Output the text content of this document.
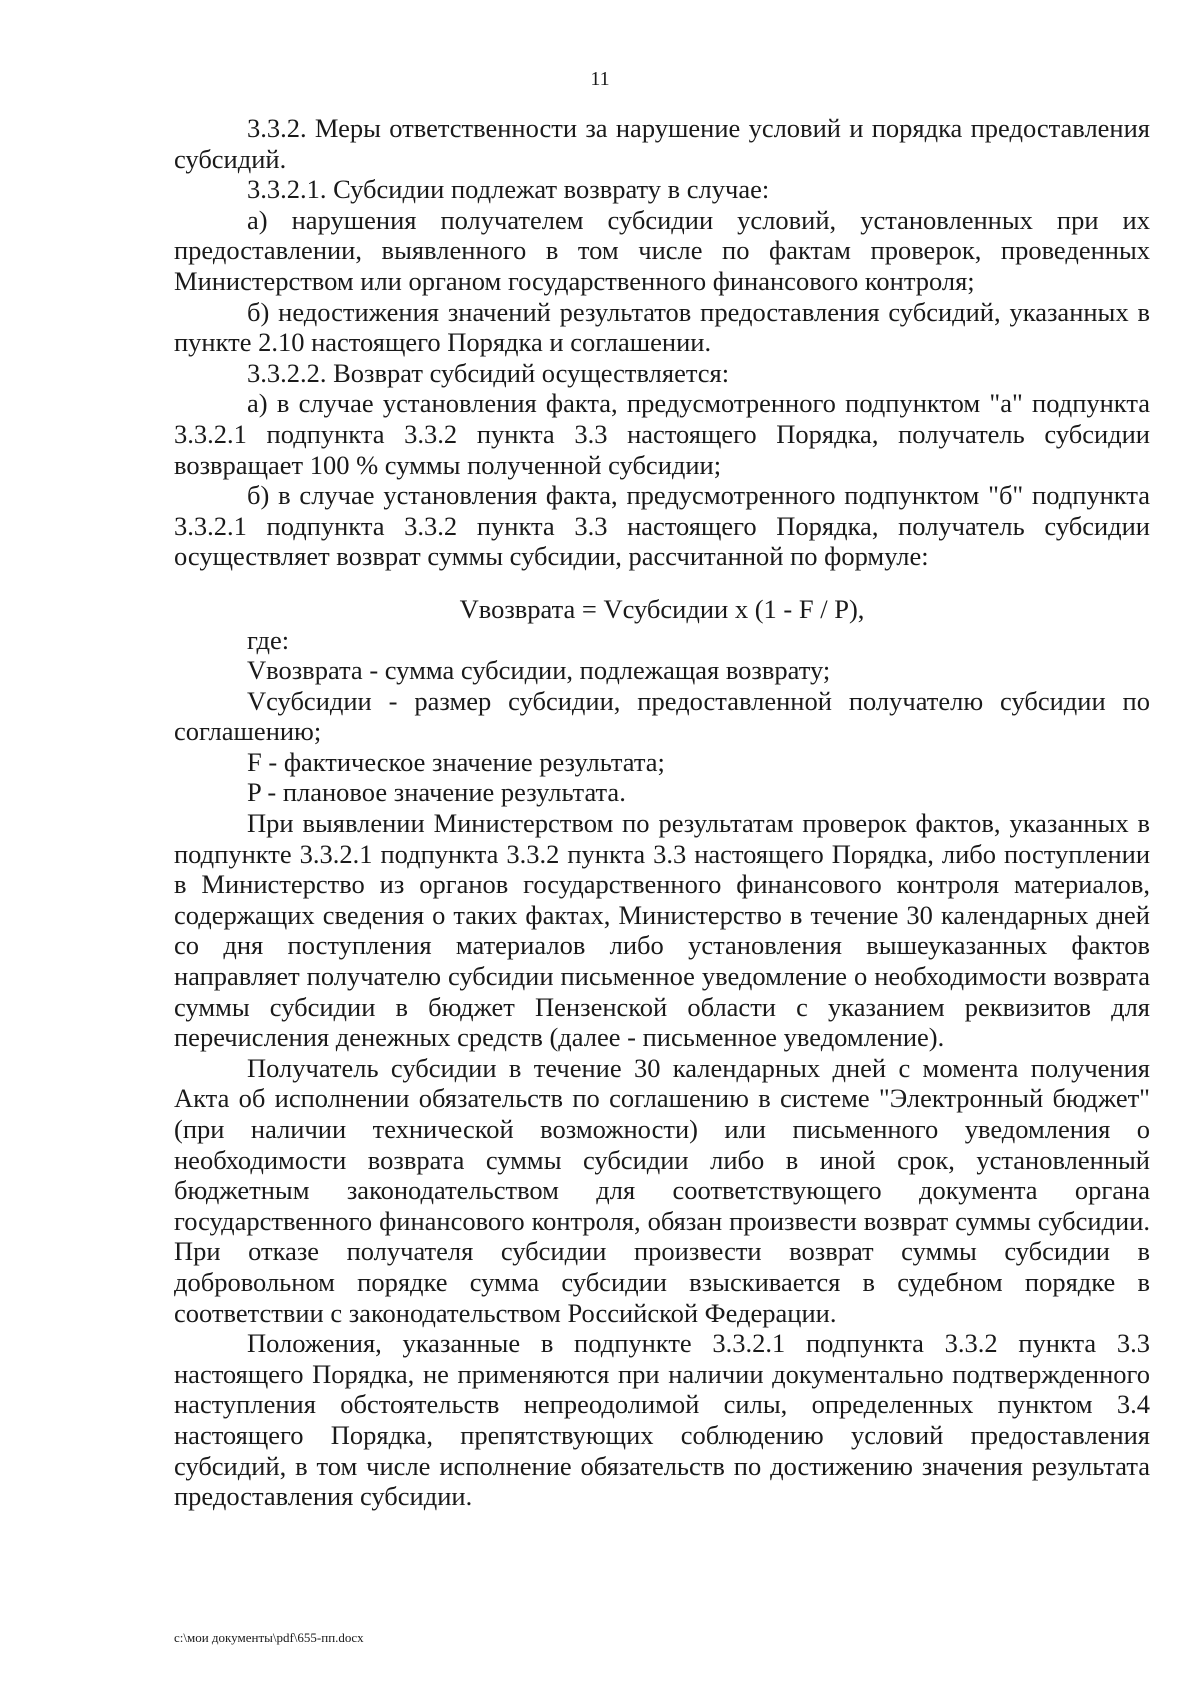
11

3.3.2. Меры ответственности за нарушение условий и порядка предоставления субсидий.

3.3.2.1. Субсидии подлежат возврату в случае:

а) нарушения получателем субсидии условий, установленных при их предоставлении, выявленного в том числе по фактам проверок, проведенных Министерством или органом государственного финансового контроля;

б) недостижения значений результатов предоставления субсидий, указанных в пункте 2.10 настоящего Порядка и соглашении.

3.3.2.2. Возврат субсидий осуществляется:

а) в случае установления факта, предусмотренного подпунктом "а" подпункта 3.3.2.1 подпункта 3.3.2 пункта 3.3 настоящего Порядка, получатель субсидии возвращает 100 % суммы полученной субсидии;

б) в случае установления факта, предусмотренного подпунктом "б" подпункта 3.3.2.1 подпункта 3.3.2 пункта 3.3 настоящего Порядка, получатель субсидии осуществляет возврат суммы субсидии, рассчитанной по формуле:

Vвозврата = Vсубсидии x (1 - F / P),

где:

Vвозврата - сумма субсидии, подлежащая возврату;

Vсубсидии - размер субсидии, предоставленной получателю субсидии по соглашению;

F - фактическое значение результата;

P - плановое значение результата.

При выявлении Министерством по результатам проверок фактов, указанных в подпункте 3.3.2.1 подпункта 3.3.2 пункта 3.3 настоящего Порядка, либо поступлении в Министерство из органов государственного финансового контроля материалов, содержащих сведения о таких фактах, Министерство в течение 30 календарных дней со дня поступления материалов либо установления вышеуказанных фактов направляет получателю субсидии письменное уведомление о необходимости возврата суммы субсидии в бюджет Пензенской области с указанием реквизитов для перечисления денежных средств (далее - письменное уведомление).

Получатель субсидии в течение 30 календарных дней с момента получения Акта об исполнении обязательств по соглашению в системе "Электронный бюджет" (при наличии технической возможности) или письменного уведомления о необходимости возврата суммы субсидии либо в иной срок, установленный бюджетным законодательством для соответствующего документа органа государственного финансового контроля, обязан произвести возврат суммы субсидии. При отказе получателя субсидии произвести возврат суммы субсидии в добровольном порядке сумма субсидии взыскивается в судебном порядке в соответствии с законодательством Российской Федерации.

Положения, указанные в подпункте 3.3.2.1 подпункта 3.3.2 пункта 3.3 настоящего Порядка, не применяются при наличии документально подтвержденного наступления обстоятельств непреодолимой силы, определенных пунктом 3.4 настоящего Порядка, препятствующих соблюдению условий предоставления субсидий, в том числе исполнение обязательств по достижению значения результата предоставления субсидии.

c:\мои документы\pdf\655-пп.docx
